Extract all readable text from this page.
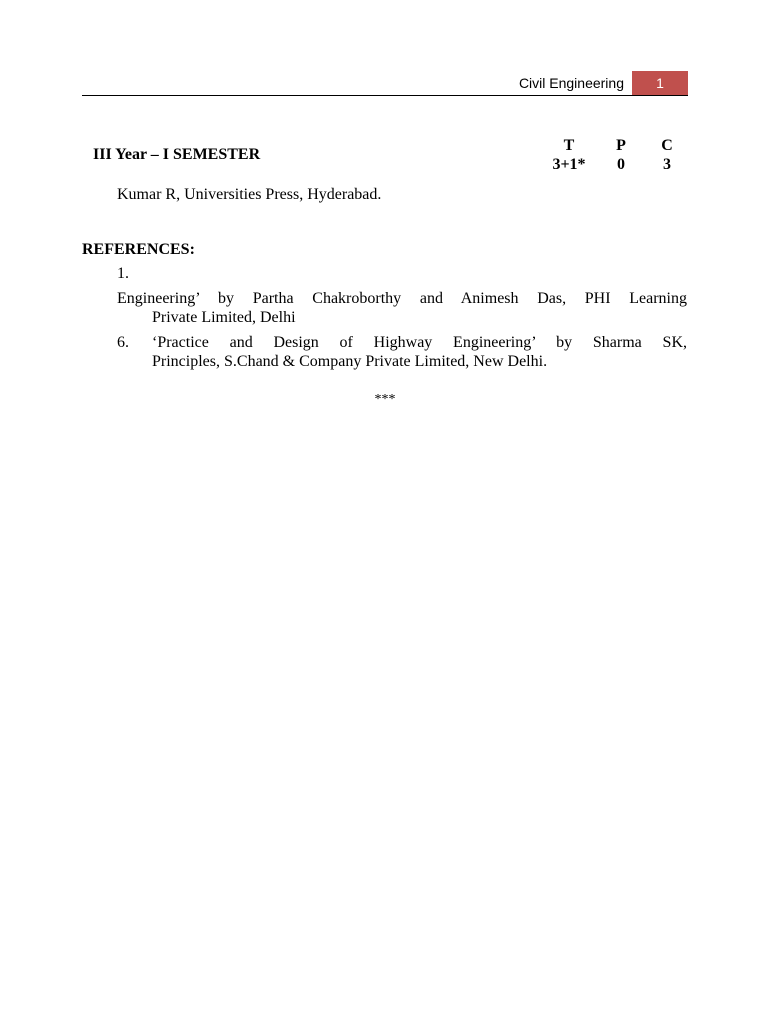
Civil Engineering	1
III Year – I SEMESTER
T	P	C
3+1*	0	3
Kumar R, Universities Press, Hyderabad.
REFERENCES:
1.
Engineering’ by Partha Chakroborthy and Animesh Das, PHI Learning
Private Limited, Delhi
6. ‘Practice and Design of Highway Engineering’ by Sharma SK,
Principles, S.Chand & Company Private Limited, New Delhi.
***
